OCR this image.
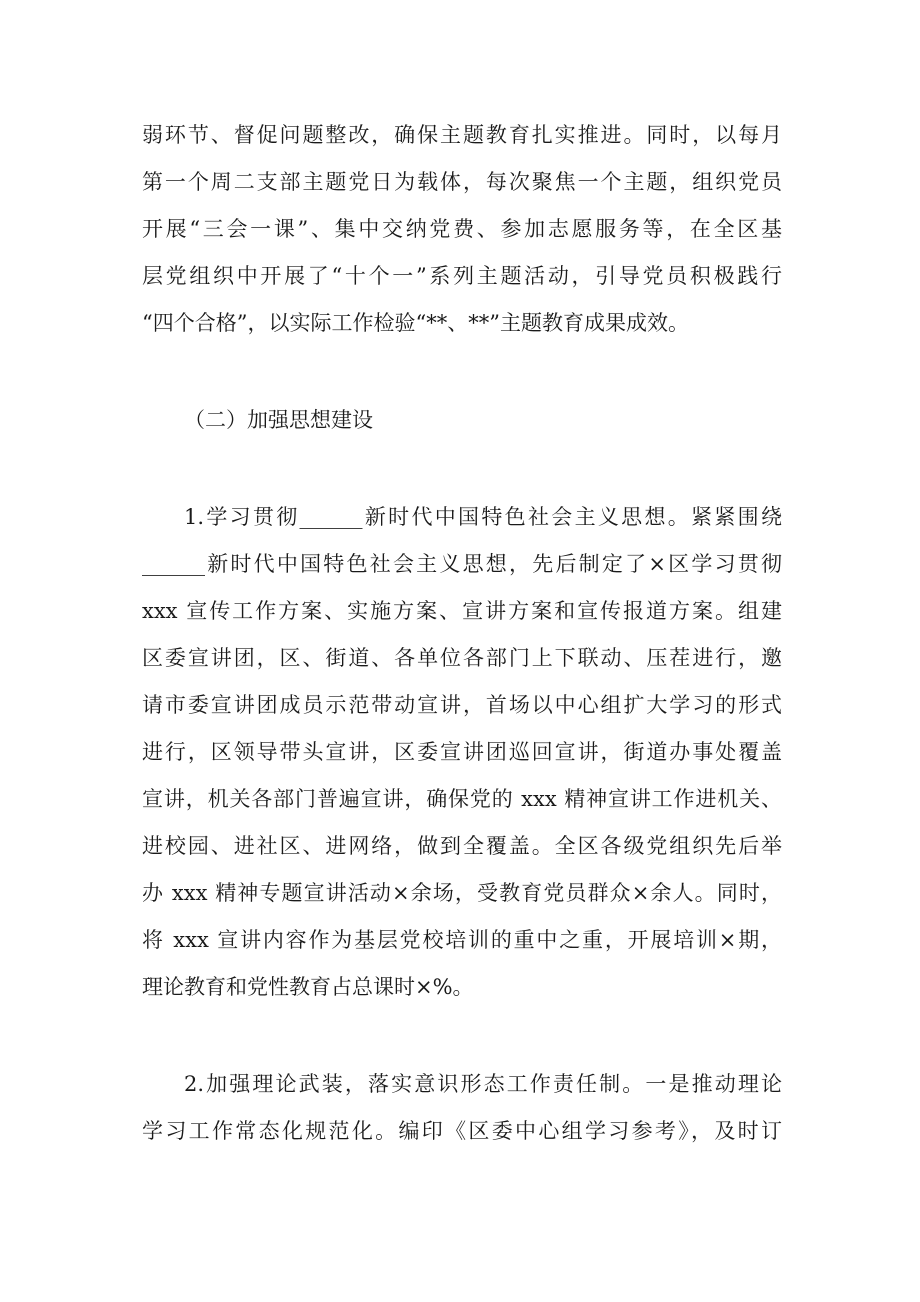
弱环节、督促问题整改，确保主题教育扎实推进。同时，以每月
第一个周二支部主题党日为载体，每次聚焦一个主题，组织党员
开展“三会一课”、集中交纳党费、参加志愿服务等，在全区基
层党组织中开展了“十个一”系列主题活动，引导党员积极践行
“四个合格”，以实际工作检验“**、**”主题教育成果成效。
（二）加强思想建设
1.学习贯彻______新时代中国特色社会主义思想。紧紧围绕
______新时代中国特色社会主义思想，先后制定了×区学习贯彻
xxx 宣传工作方案、实施方案、宣讲方案和宣传报道方案。组建
区委宣讲团，区、街道、各单位各部门上下联动、压茬进行，邀
请市委宣讲团成员示范带动宣讲，首场以中心组扩大学习的形式
进行，区领导带头宣讲，区委宣讲团巡回宣讲，街道办事处覆盖
宣讲，机关各部门普遍宣讲，确保党的 xxx 精神宣讲工作进机关、
进校园、进社区、进网络，做到全覆盖。全区各级党组织先后举
办 xxx 精神专题宣讲活动×余场，受教育党员群众×余人。同时，
将 xxx 宣讲内容作为基层党校培训的重中之重，开展培训×期，
理论教育和党性教育占总课时×%。
2.加强理论武装，落实意识形态工作责任制。一是推动理论
学习工作常态化规范化。编印《区委中心组学习参考》，及时订
